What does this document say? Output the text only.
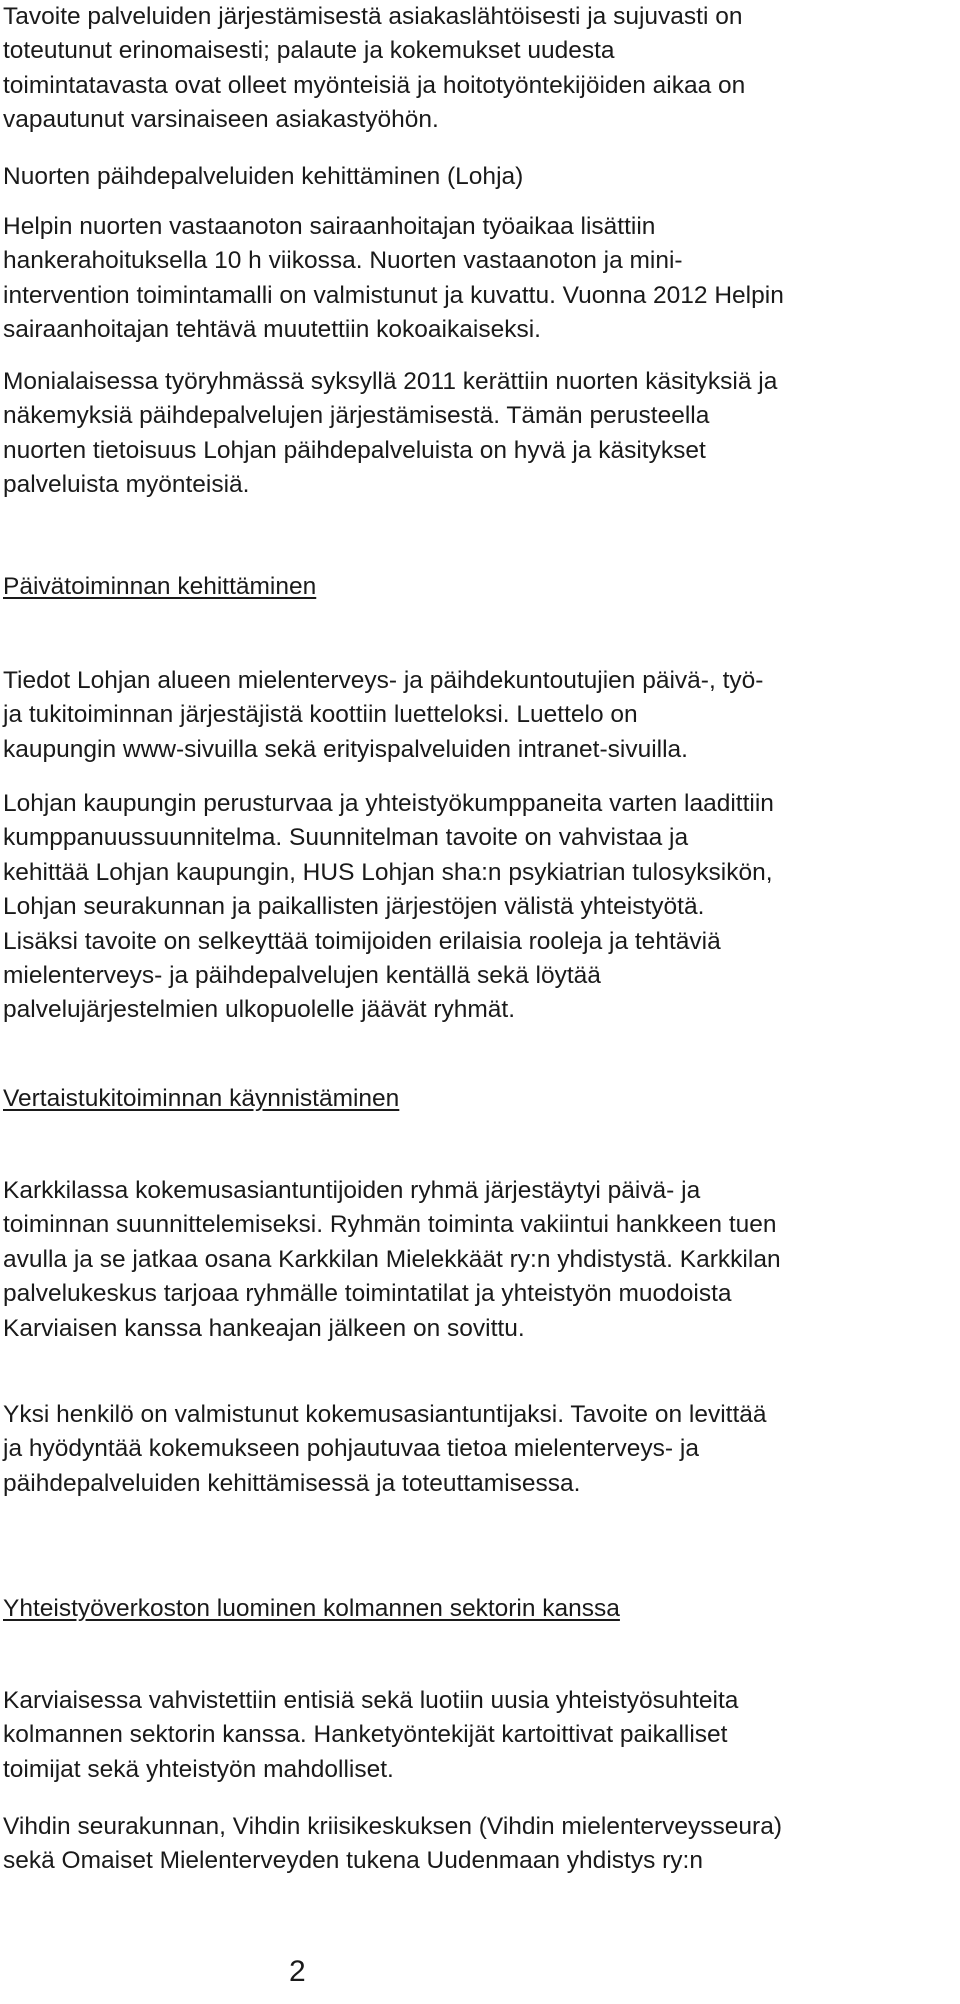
Tavoite palveluiden järjestämisestä asiakaslähtöisesti ja sujuvasti on
toteutunut erinomaisesti; palaute ja kokemukset uudesta
toimintatavasta ovat olleet myönteisiä ja hoitotyöntekijöiden aikaa on
vapautunut varsinaiseen asiakastyöhön.

Nuorten päihdepalveluiden kehittäminen (Lohja)

Helpin nuorten vastaanoton sairaanhoitajan työaikaa lisättiin
hankerahoituksella 10 h viikossa. Nuorten vastaanoton ja mini-
intervention toimintamalli on valmistunut ja kuvattu. Vuonna 2012 Helpin
sairaanhoitajan tehtävä muutettiin kokoaikaiseksi.

Monialaisessa työryhmässä syksyllä 2011 kerättiin nuorten käsityksiä ja
näkemyksiä päihdepalvelujen järjestämisestä. Tämän perusteella
nuorten tietoisuus Lohjan päihdepalveluista on hyvä ja käsitykset
palveluista myönteisiä.

Päivätoiminnan kehittäminen

Tiedot Lohjan alueen mielenterveys- ja päihdekuntoutujien päivä-, työ-
ja tukitoiminnan järjestäjistä koottiin luetteloksi. Luettelo on
kaupungin www-sivuilla sekä erityispalveluiden intranet-sivuilla.

Lohjan kaupungin perusturvaa ja yhteistyökumppaneita varten laadittiin
kumppanuussuunnitelma. Suunnitelman tavoite on vahvistaa ja
kehittää Lohjan kaupungin, HUS Lohjan sha:n psykiatrian tulosyksikön,
Lohjan seurakunnan ja paikallisten järjestöjen välistä yhteistyötä.
Lisäksi tavoite on selkeyttää toimijoiden erilaisia rooleja ja tehtäviä
mielenterveys- ja päihdepalvelujen kentällä sekä löytää
palvelujärjestelmien ulkopuolelle jäävät ryhmät.

Vertaistukitoiminnan käynnistäminen

Karkkilassa kokemusasiantuntijoiden ryhmä järjestäytyi päivä- ja
toiminnan suunnittelemiseksi. Ryhmän toiminta vakiintui hankkeen tuen
avulla ja se jatkaa osana Karkkilan Mielekkäät ry:n yhdistystä. Karkkilan
palvelukeskus tarjoaa ryhmälle toimintatilat ja yhteistyön muodoista
Karviaisen kanssa hankeajan jälkeen on sovittu.

Yksi henkilö on valmistunut kokemusasiantuntijaksi. Tavoite on levittää
ja hyödyntää kokemukseen pohjautuvaa tietoa mielenterveys- ja
päihdepalveluiden kehittämisessä ja toteuttamisessa.

Yhteistyöverkoston luominen kolmannen sektorin kanssa

Karviaisessa vahvistettiin entisiä sekä luotiin uusia yhteistyösuhteita
kolmannen sektorin kanssa. Hanketyöntekijät kartoittivat paikalliset
toimijat sekä yhteistyön mahdolliset.

Vihdin seurakunnan, Vihdin kriisikeskuksen (Vihdin mielenterveysseura)
sekä Omaiset Mielenterveyden tukena Uudenmaan yhdistys ry:n

2
